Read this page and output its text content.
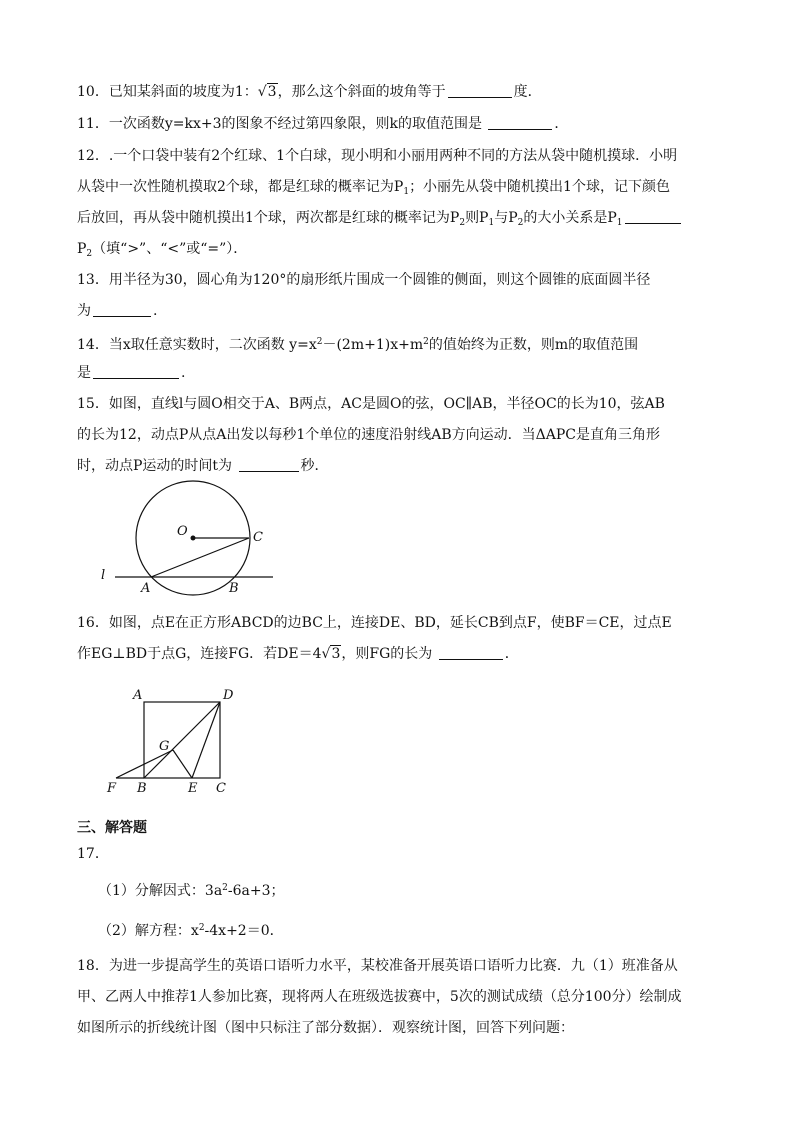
10．已知某斜面的坡度为1：√3，那么这个斜面的坡角等于	度．
11．一次函数y=kx+3的图象不经过第四象限，则k的取值范围是	．
12．.一个口袋中装有2个红球、1个白球，现小明和小丽用两种不同的方法从袋中随机摸球．小明
从袋中一次性随机摸取2个球，都是红球的概率记为$P_1$；小丽先从袋中随机摸出1个球，记下颜色
后放回，再从袋中随机摸出1个球，两次都是红球的概率记为$P_2$则$P_1$与$P_2$的大小关系是$P_1$
$P_2$（填“>”、“<”或“=”）．
13．用半径为30，圆心角为120°的扇形纸片围成一个圆锥的侧面，则这个圆锥的底面圆半径
为	.
14．当x取任意实数时，二次函数 $y=x^2-(2m+1)x+m^2$的值始终为正数，则m的取值范围
是	.
15．如图，直线l与圆O相交于A、B两点，AC是圆O的弦，OC∥AB，半径OC的长为10，弦AB
的长为12，动点P从点A出发以每秒1个单位的速度沿射线AB方向运动．当ΔAPC是直角三角形
时，动点P运动的时间t为	秒．
O	C
l
A	B
16．如图，点E在正方形ABCD的边BC上，连接DE、BD，延长CB到点F，使BF＝CE，过点E
作EG⊥BD于点G，连接FG．若DE＝4√3，则FG的长为	．
A	D
G
F B	E C
三、解答题
17．
（1）分解因式：$3a^2-6a+3$；
（2）解方程：$x^2-4x+2=0$．
18．为进一步提高学生的英语口语听力水平，某校准备开展英语口语听力比赛．九（1）班准备从
甲、乙两人中推荐1人参加比赛，现将两人在班级选拔赛中，5次的测试成绩（总分100分）绘制成
如图所示的折线统计图（图中只标注了部分数据）．观察统计图，回答下列问题：
